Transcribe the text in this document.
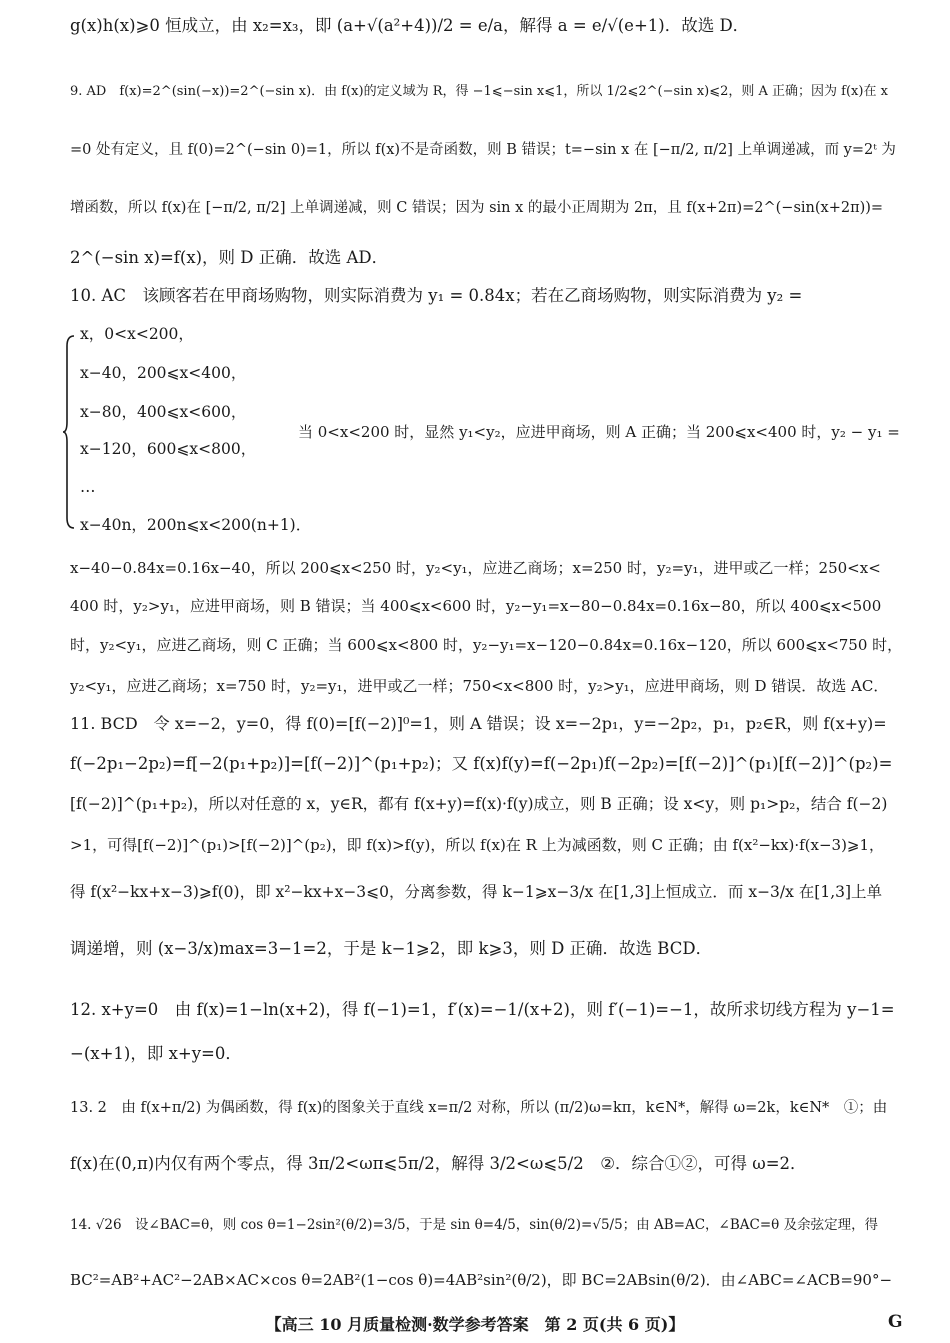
g(x)h(x)⩾0 恒成立，由 x₂=x₃，即 (a+√(a²+4))/2 = e/a，解得 a = e/√(e+1)．故选 D．
9. AD　f(x)=2^(sin(−x))=2^(−sin x)．由 f(x)的定义域为 R，得 −1⩽−sin x⩽1，所以 1/2⩽2^(−sin x)⩽2，则 A 正确；因为 f(x)在 x
=0 处有定义，且 f(0)=2^(−sin 0)=1，所以 f(x)不是奇函数，则 B 错误；t=−sin x 在 [−π/2, π/2] 上单调递减，而 y=2ᵗ 为
增函数，所以 f(x)在 [−π/2, π/2] 上单调递减，则 C 错误；因为 sin x 的最小正周期为 2π，且 f(x+2π)=2^(−sin(x+2π))=
2^(−sin x)=f(x)，则 D 正确．故选 AD．
10. AC　该顾客若在甲商场购物，则实际消费为 y₁ = 0.84x；若在乙商场购物，则实际消费为 y₂ =
x，0<x<200，
x−40，200⩽x<400，
x−80，400⩽x<600，
x−120，600⩽x<800，
…
x−40n，200n⩽x<200(n+1)．
当 0<x<200 时，显然 y₁<y₂，应进甲商场，则 A 正确；当 200⩽x<400 时，y₂ − y₁ =
x−40−0.84x=0.16x−40，所以 200⩽x<250 时，y₂<y₁，应进乙商场；x=250 时，y₂=y₁，进甲或乙一样；250<x<
400 时，y₂>y₁，应进甲商场，则 B 错误；当 400⩽x<600 时，y₂−y₁=x−80−0.84x=0.16x−80，所以 400⩽x<500
时，y₂<y₁，应进乙商场，则 C 正确；当 600⩽x<800 时，y₂−y₁=x−120−0.84x=0.16x−120，所以 600⩽x<750 时，
y₂<y₁，应进乙商场；x=750 时，y₂=y₁，进甲或乙一样；750<x<800 时，y₂>y₁，应进甲商场，则 D 错误．故选 AC．
11. BCD　令 x=−2，y=0，得 f(0)=[f(−2)]⁰=1，则 A 错误；设 x=−2p₁，y=−2p₂，p₁，p₂∈R，则 f(x+y)=
f(−2p₁−2p₂)=f[−2(p₁+p₂)]=[f(−2)]^(p₁+p₂)；又 f(x)f(y)=f(−2p₁)f(−2p₂)=[f(−2)]^(p₁)[f(−2)]^(p₂)=
[f(−2)]^(p₁+p₂)，所以对任意的 x，y∈R，都有 f(x+y)=f(x)·f(y)成立，则 B 正确；设 x<y，则 p₁>p₂，结合 f(−2)
>1，可得[f(−2)]^(p₁)>[f(−2)]^(p₂)，即 f(x)>f(y)，所以 f(x)在 R 上为减函数，则 C 正确；由 f(x²−kx)·f(x−3)⩾1，
得 f(x²−kx+x−3)⩾f(0)，即 x²−kx+x−3⩽0，分离参数，得 k−1⩾x−3/x 在[1,3]上恒成立．而 x−3/x 在[1,3]上单
调递增，则 (x−3/x)max=3−1=2，于是 k−1⩾2，即 k⩾3，则 D 正确．故选 BCD．
12. x+y=0　由 f(x)=1−ln(x+2)，得 f(−1)=1，f′(x)=−1/(x+2)，则 f′(−1)=−1，故所求切线方程为 y−1=
−(x+1)，即 x+y=0．
13. 2　由 f(x+π/2) 为偶函数，得 f(x)的图象关于直线 x=π/2 对称，所以 (π/2)ω=kπ，k∈N*，解得 ω=2k，k∈N*　①；由
f(x)在(0,π)内仅有两个零点，得 3π/2<ωπ⩽5π/2，解得 3/2<ω⩽5/2　②．综合①②，可得 ω=2．
14. √26　设∠BAC=θ，则 cos θ=1−2sin²(θ/2)=3/5，于是 sin θ=4/5，sin(θ/2)=√5/5；由 AB=AC，∠BAC=θ 及余弦定理，得
BC²=AB²+AC²−2AB×AC×cos θ=2AB²(1−cos θ)=4AB²sin²(θ/2)，即 BC=2ABsin(θ/2)．由∠ABC=∠ACB=90°−
【高三 10 月质量检测·数学参考答案　第 2 页(共 6 页)】	G
